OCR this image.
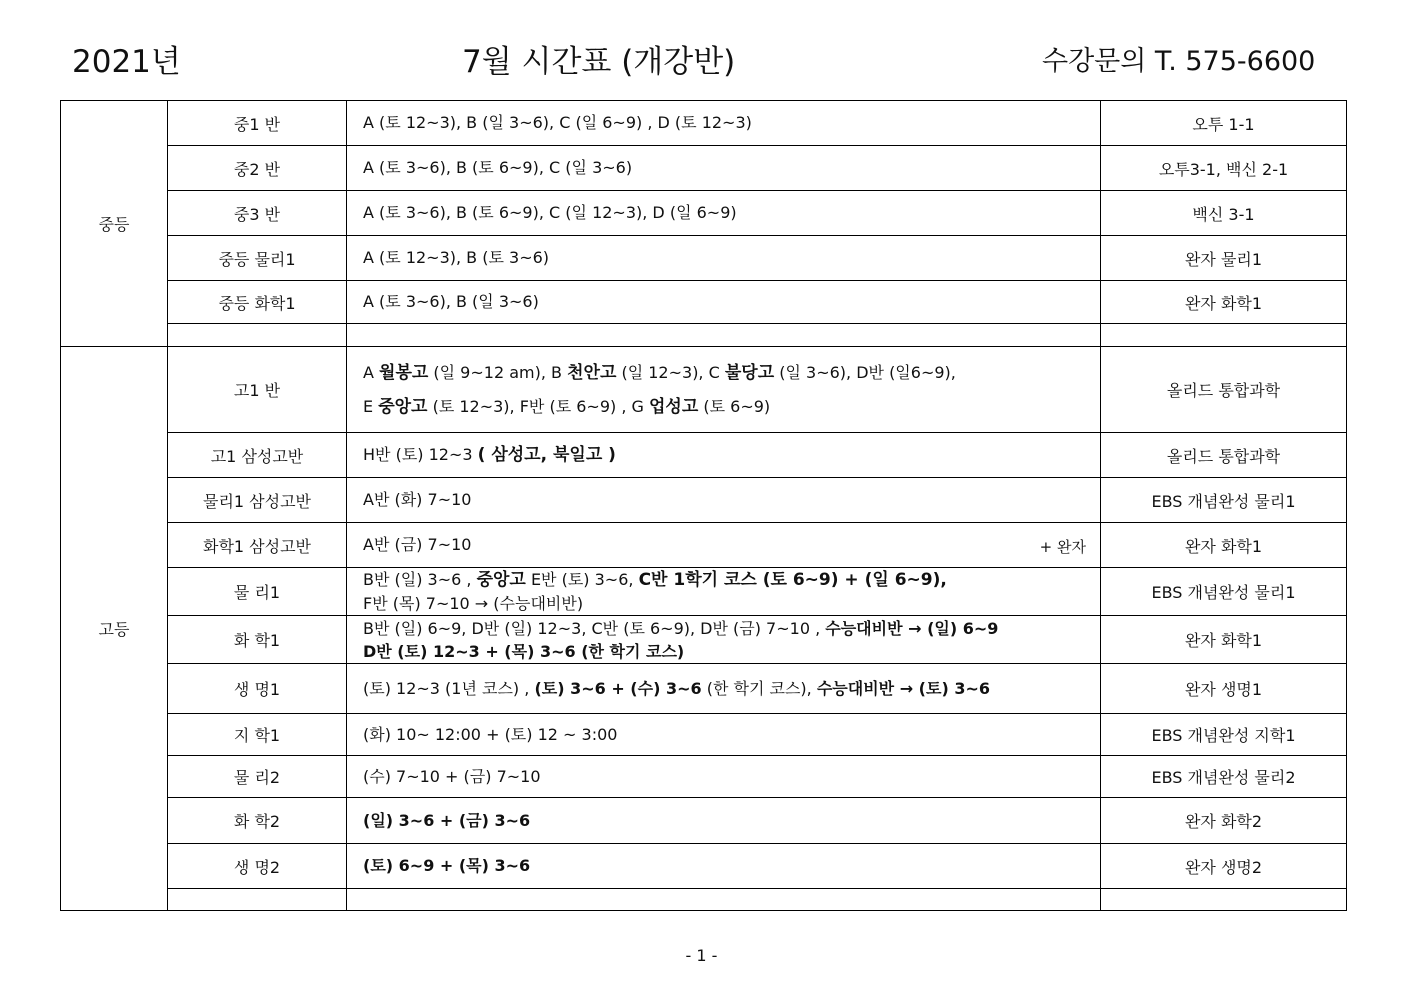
2021년	7월 시간표 (개강반)	수강문의 T. 575-6600
중등	중1 반	A (토 12~3), B (일 3~6), C (일 6~9) , D (토 12~3)	오투 1-1
	중2 반	A (토 3~6), B (토 6~9), C (일 3~6)	오투3-1, 백신 2-1
	중3 반	A (토 3~6), B (토 6~9), C (일 12~3), D (일 6~9)	백신 3-1
	중등 물리1	A (토 12~3), B (토 3~6)	완자 물리1
	중등 화학1	A (토 3~6), B (일 3~6)	완자 화학1

고등	고1 반	A 월봉고 (일 9~12 am), B 천안고 (일 12~3), C 불당고 (일 3~6), D반 (일6~9),
E 중앙고 (토 12~3), F반 (토 6~9) , G 업성고 (토 6~9)	올리드 통합과학
	고1 삼성고반	H반 (토) 12~3 ( 삼성고, 북일고 )	올리드 통합과학
	물리1 삼성고반	A반 (화) 7~10	EBS 개념완성 물리1
	화학1 삼성고반	A반 (금) 7~10 + 완자	완자 화학1
	물 리1	B반 (일) 3~6 , 중앙고 E반 (토) 3~6, C반 1학기 코스 (토 6~9) + (일 6~9),
F반 (목) 7~10 → (수능대비반)	EBS 개념완성 물리1
	화 학1	B반 (일) 6~9, D반 (일) 12~3, C반 (토 6~9), D반 (금) 7~10 , 수능대비반 → (일) 6~9
D반 (토) 12~3 + (목) 3~6 (한 학기 코스)	완자 화학1
	생 명1	(토) 12~3 (1년 코스) , (토) 3~6 + (수) 3~6 (한 학기 코스), 수능대비반 → (토) 3~6	완자 생명1
	지 학1	(화) 10~ 12:00 + (토) 12 ~ 3:00	EBS 개념완성 지학1
	물 리2	(수) 7~10 + (금) 7~10	EBS 개념완성 물리2
	화 학2	(일) 3~6 + (금) 3~6	완자 화학2
	생 명2	(토) 6~9 + (목) 3~6	완자 생명2

- 1 -
